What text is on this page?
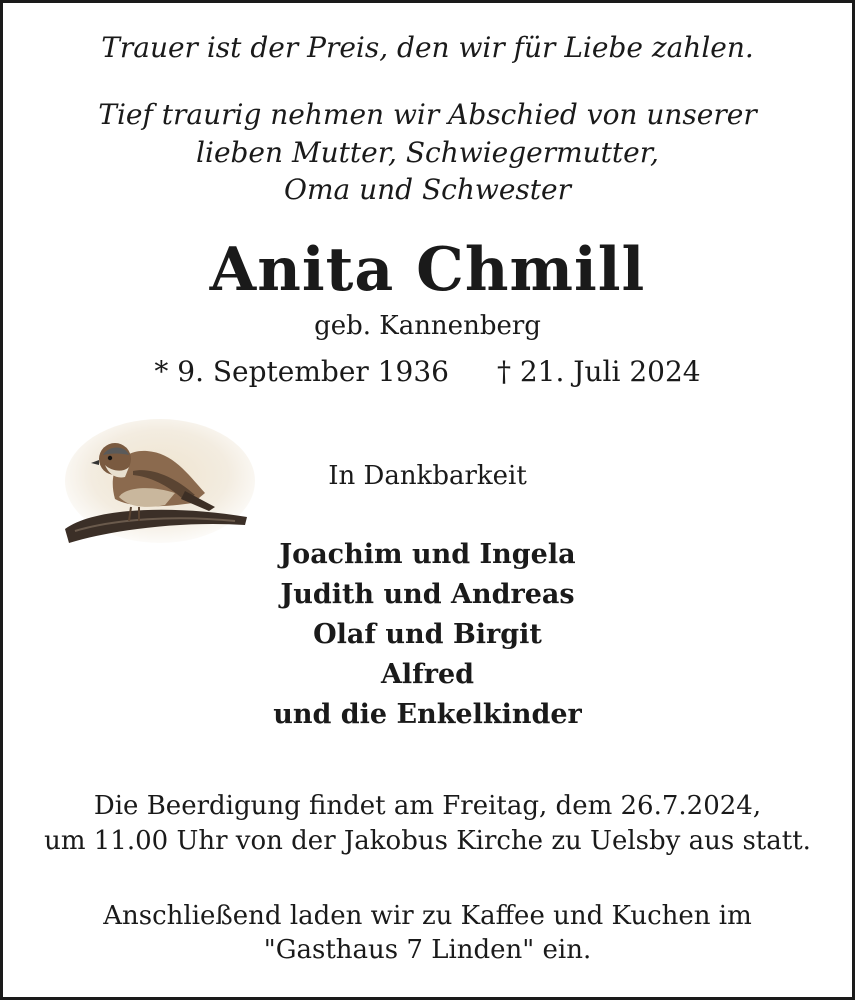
Trauer ist der Preis, den wir für Liebe zahlen.
Tief traurig nehmen wir Abschied von unserer
lieben Mutter, Schwiegermutter,
Oma und Schwester
Anita Chmill
geb. Kannenberg
* 9. September 1936 † 21. Juli 2024
In Dankbarkeit
Joachim und Ingela
Judith und Andreas
Olaf und Birgit
Alfred
und die Enkelkinder
Die Beerdigung findet am Freitag, dem 26.7.2024,
um 11.00 Uhr von der Jakobus Kirche zu Uelsby aus statt.
Anschließend laden wir zu Kaffee und Kuchen im
"Gasthaus 7 Linden" ein.
